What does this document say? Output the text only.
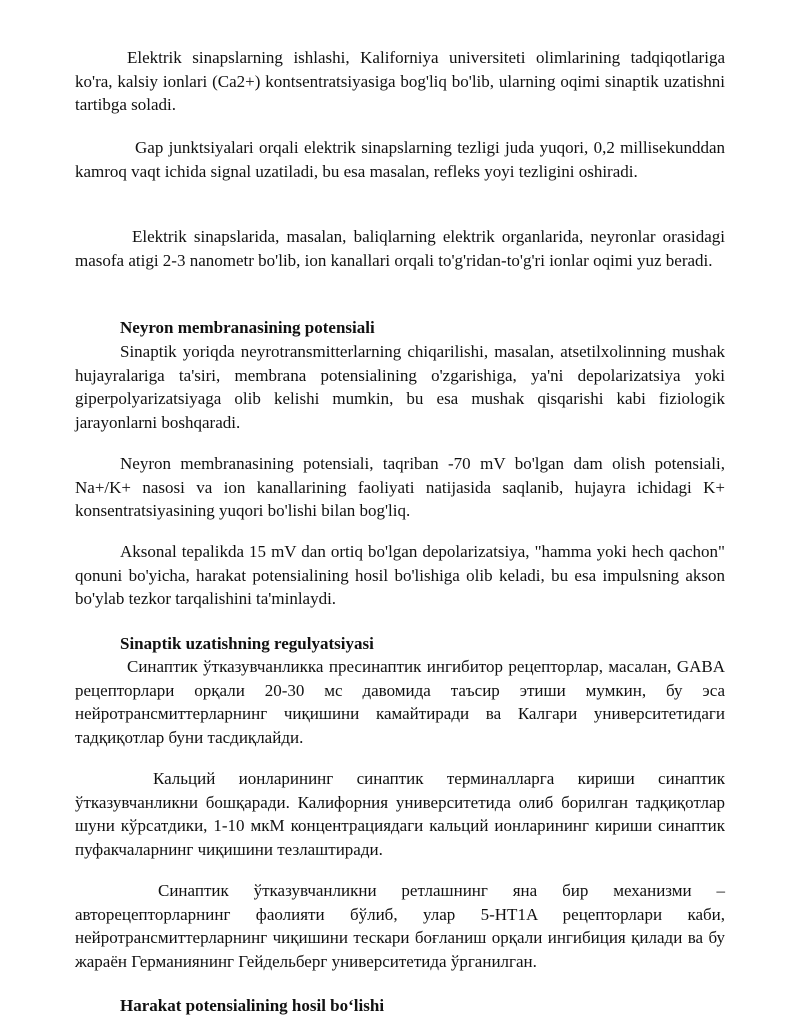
Elektrik sinapslarning ishlashi, Kaliforniya universiteti olimlarining tadqiqotlariga ko'ra, kalsiy ionlari (Ca2+) kontsentratsiyasiga bog'liq bo'lib, ularning oqimi sinaptik uzatishni tartibga soladi.

Gap junktsiyalari orqali elektrik sinapslarning tezligi juda yuqori, 0,2 millisekunddan kamroq vaqt ichida signal uzatiladi, bu esa masalan, refleks yoyi tezligini oshiradi.

Elektrik sinapslarida, masalan, baliqlarning elektrik organlarida, neyronlar orasidagi masofa atigi 2-3 nanometr bo'lib, ion kanallari orqali to'g'ridan-to'g'ri ionlar oqimi yuz beradi.

Neyron membranasining potensiali

Sinaptik yoriqda neyrotransmitterlarning chiqarilishi, masalan, atsetilxolinning mushak hujayralariga ta'siri, membrana potensialining o'zgarishiga, ya'ni depolarizatsiya yoki giperpolyarizatsiyaga olib kelishi mumkin, bu esa mushak qisqarishi kabi fiziologik jarayonlarni boshqaradi.

Neyron membranasining potensiali, taqriban -70 mV bo'lgan dam olish potensiali, Na+/K+ nasosi va ion kanallarining faoliyati natijasida saqlanib, hujayra ichidagi K+ konsentratsiyasining yuqori bo'lishi bilan bog'liq.

Aksonal tepalikda 15 mV dan ortiq bo'lgan depolarizatsiya, "hamma yoki hech qachon" qonuni bo'yicha, harakat potensialining hosil bo'lishiga olib keladi, bu esa impulsning akson bo'ylab tezkor tarqalishini ta'minlaydi.

Sinaptik uzatishning regulyatsiyasi

Синаптик ўтказувчанликка пресинаптик ингибитор рецепторлар, масалан, GABA рецепторлари орқали 20-30 мс давомида таъсир этиши мумкин, бу эса нейротрансмиттерларнинг чиқишини камайтиради ва Калгари университетидаги тадқиқотлар буни тасдиқлайди.

Кальций ионларининг синаптик терминалларга кириши синаптик ўтказувчанликни бошқаради. Калифорния университетида олиб борилган тадқиқотлар шуни кўрсатдики, 1-10 мкМ концентрациядаги кальций ионларининг кириши синаптик пуфакчаларнинг чиқишини тезлаштиради.

Синаптик ўтказувчанликни ретлашнинг яна бир механизми – авторецепторларнинг фаолияти бўлиб, улар 5-HT1A рецепторлари каби, нейротрансмиттерларнинг чиқишини тескари боғланиш орқали ингибиция қилади ва бу жараён Германиянинг Гейдельберг университетида ўрганилган.

Harakat potensialining hosil bo‘lishi
